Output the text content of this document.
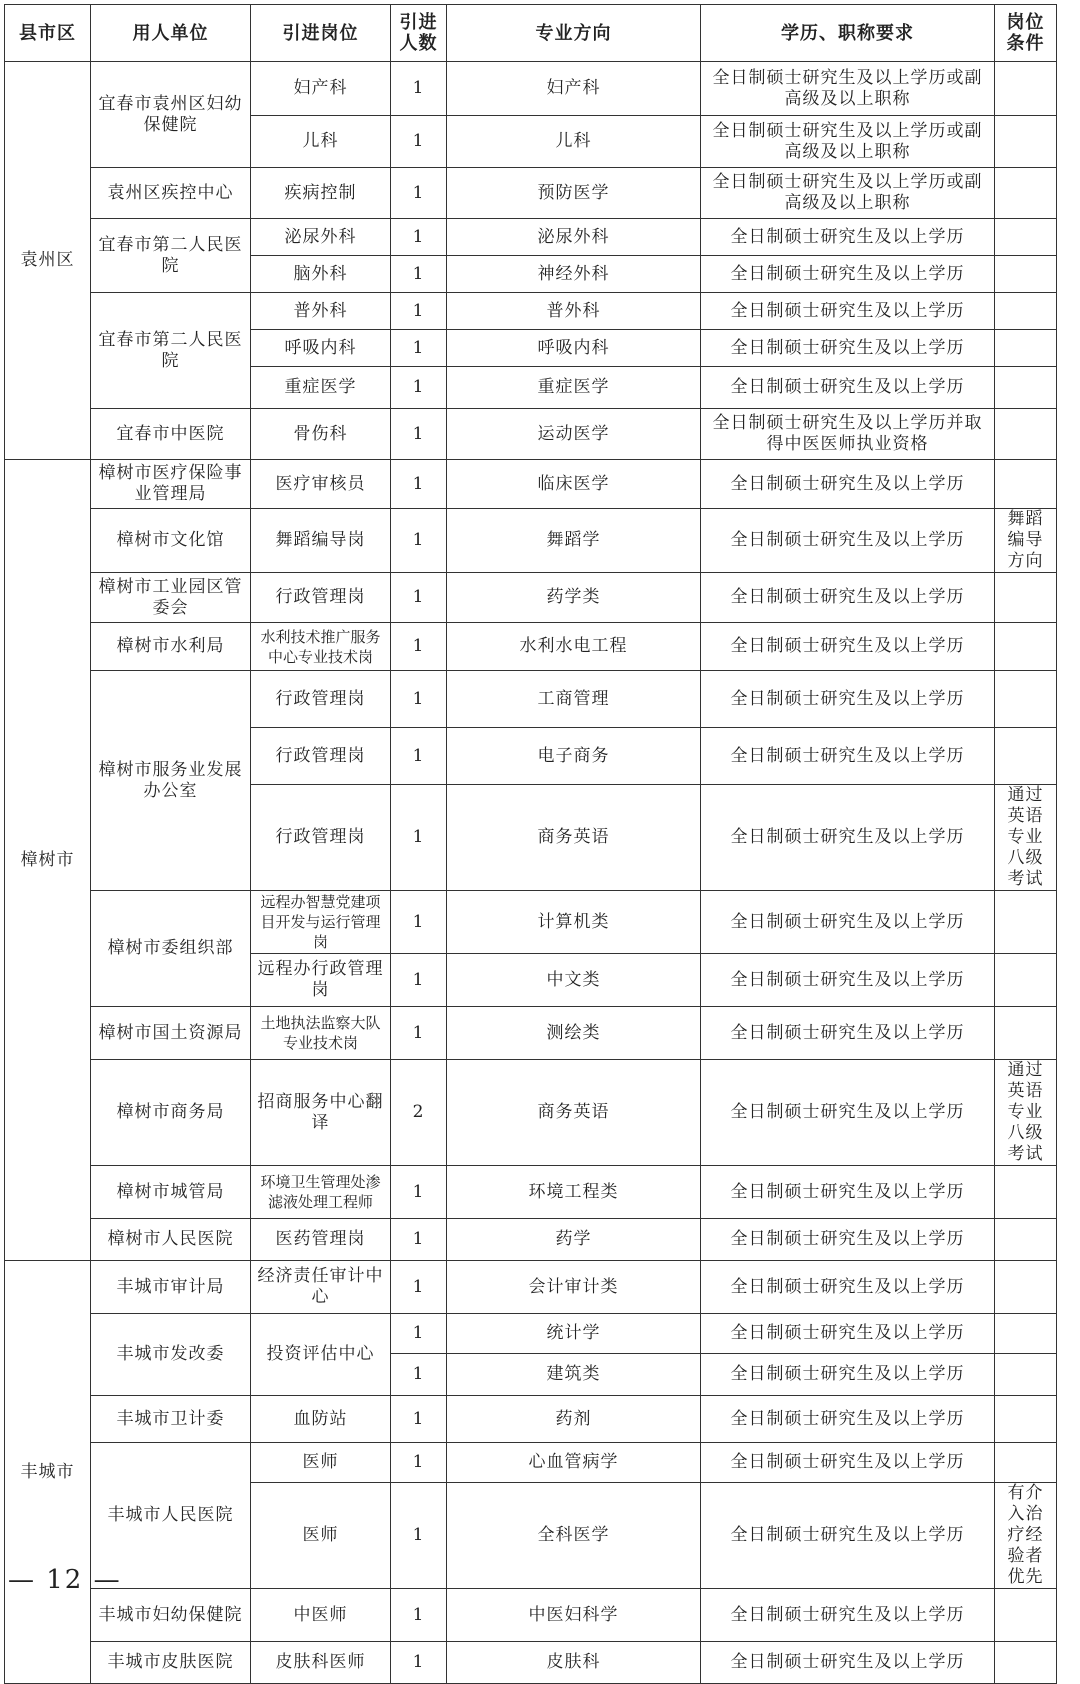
县市区	用人单位	引进岗位	引进人数	专业方向	学历、职称要求	岗位条件
袁州区	宜春市袁州区妇幼保健院	妇产科	1	妇产科	全日制硕士研究生及以上学历或副高级及以上职称	
		儿科	1	儿科	全日制硕士研究生及以上学历或副高级及以上职称	
	袁州区疾控中心	疾病控制	1	预防医学	全日制硕士研究生及以上学历或副高级及以上职称	
	宜春市第二人民医院	泌尿外科	1	泌尿外科	全日制硕士研究生及以上学历	
		脑外科	1	神经外科	全日制硕士研究生及以上学历	
	宜春市第二人民医院	普外科	1	普外科	全日制硕士研究生及以上学历	
		呼吸内科	1	呼吸内科	全日制硕士研究生及以上学历	
		重症医学	1	重症医学	全日制硕士研究生及以上学历	
	宜春市中医院	骨伤科	1	运动医学	全日制硕士研究生及以上学历并取得中医医师执业资格	
樟树市	樟树市医疗保险事业管理局	医疗审核员	1	临床医学	全日制硕士研究生及以上学历	
	樟树市文化馆	舞蹈编导岗	1	舞蹈学	全日制硕士研究生及以上学历	舞蹈编导方向
	樟树市工业园区管委会	行政管理岗	1	药学类	全日制硕士研究生及以上学历	
	樟树市水利局	水利技术推广服务中心专业技术岗	1	水利水电工程	全日制硕士研究生及以上学历	
	樟树市服务业发展办公室	行政管理岗	1	工商管理	全日制硕士研究生及以上学历	
		行政管理岗	1	电子商务	全日制硕士研究生及以上学历	
		行政管理岗	1	商务英语	全日制硕士研究生及以上学历	通过英语专业八级考试
	樟树市委组织部	远程办智慧党建项目开发与运行管理岗	1	计算机类	全日制硕士研究生及以上学历	
		远程办行政管理岗	1	中文类	全日制硕士研究生及以上学历	
	樟树市国土资源局	土地执法监察大队专业技术岗	1	测绘类	全日制硕士研究生及以上学历	
	樟树市商务局	招商服务中心翻译	2	商务英语	全日制硕士研究生及以上学历	通过英语专业八级考试
	樟树市城管局	环境卫生管理处渗滤液处理工程师	1	环境工程类	全日制硕士研究生及以上学历	
	樟树市人民医院	医药管理岗	1	药学	全日制硕士研究生及以上学历	
丰城市	丰城市审计局	经济责任审计中心	1	会计审计类	全日制硕士研究生及以上学历	
	丰城市发改委	投资评估中心	1	统计学	全日制硕士研究生及以上学历	
			1	建筑类	全日制硕士研究生及以上学历	
	丰城市卫计委	血防站	1	药剂	全日制硕士研究生及以上学历	
	丰城市人民医院	医师	1	心血管病学	全日制硕士研究生及以上学历	
		医师	1	全科医学	全日制硕士研究生及以上学历	有介入治疗经验者优先
	丰城市妇幼保健院	中医师	1	中医妇科学	全日制硕士研究生及以上学历	
	丰城市皮肤医院	皮肤科医师	1	皮肤科	全日制硕士研究生及以上学历	
— 12 —
